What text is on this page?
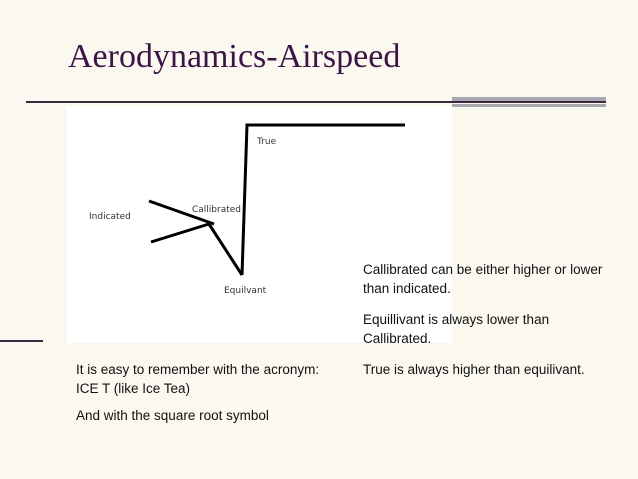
Aerodynamics-Airspeed
Indicated
Callibrated
Equilvant
True

Callibrated can be either higher or lower than indicated.

Equillivant is always lower than Callibrated.

True is always higher than equilivant.

It is easy to remember with the acronym: ICE T (like Ice Tea)

And with the square root symbol
